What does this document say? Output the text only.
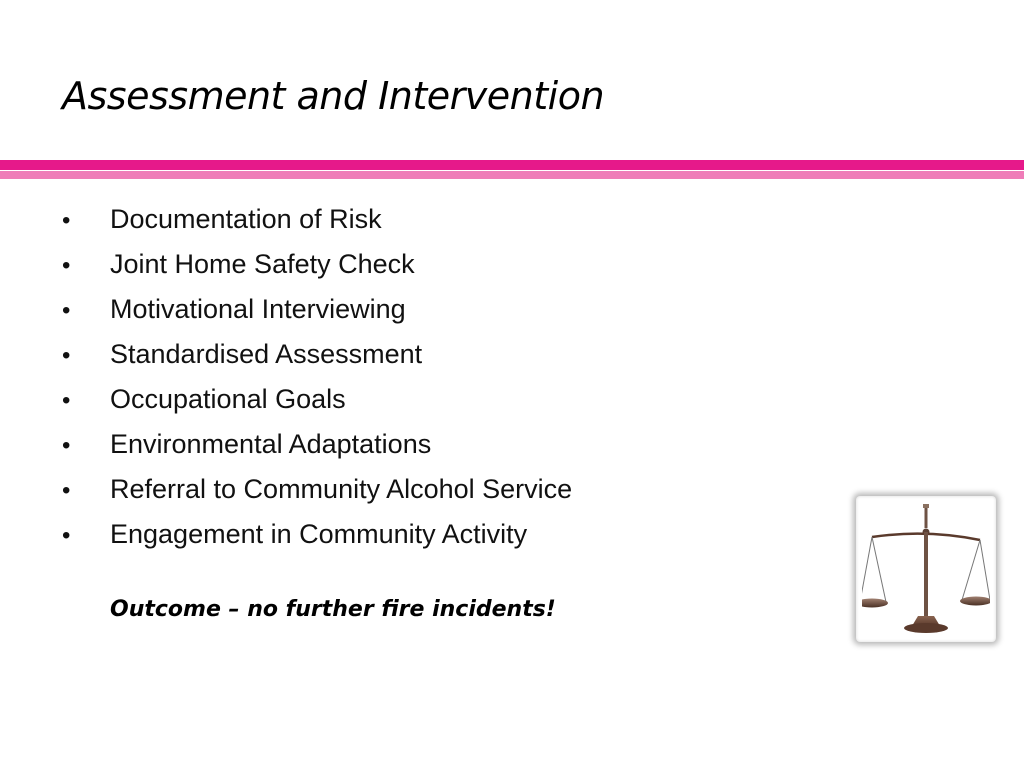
Assessment and Intervention
•	Documentation of Risk
•	Joint Home Safety Check
•	Motivational Interviewing
•	Standardised Assessment
•	Occupational Goals
•	Environmental Adaptations
•	Referral to Community Alcohol Service
•	Engagement in Community Activity
Outcome – no further fire incidents!
